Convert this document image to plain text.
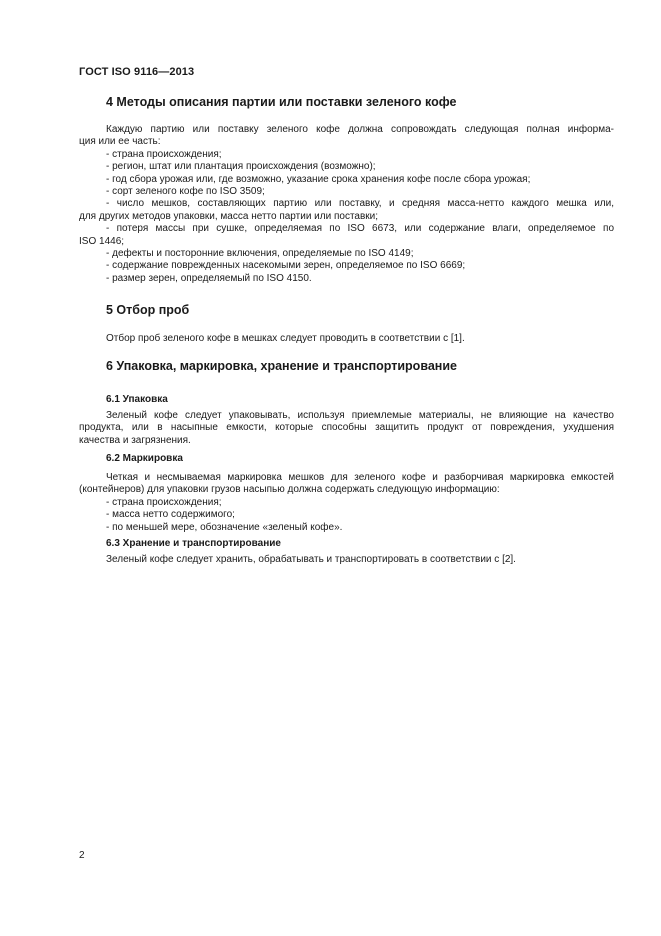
ГОСТ ISO 9116—2013
4 Методы описания партии или поставки зеленого кофе
Каждую партию или поставку зеленого кофе должна сопровождать следующая полная информа-
ция или ее часть:
- страна происхождения;
- регион, штат или плантация происхождения (возможно);
- год сбора урожая или, где возможно, указание срока хранения кофе после сбора урожая;
- сорт зеленого кофе по ISO 3509;
- число мешков, составляющих партию или поставку, и средняя масса-нетто каждого мешка или,
для других методов упаковки, масса нетто партии или поставки;
- потеря массы при сушке, определяемая по ISO 6673, или содержание влаги, определяемое по
ISO 1446;
- дефекты и посторонние включения, определяемые по ISO 4149;
- содержание поврежденных насекомыми зерен, определяемое по ISO 6669;
- размер зерен, определяемый по ISO 4150.
5 Отбор проб
Отбор проб зеленого кофе в мешках следует проводить в соответствии с [1].
6 Упаковка, маркировка, хранение и транспортирование
6.1 Упаковка
Зеленый кофе следует упаковывать, используя приемлемые материалы, не влияющие на качество
продукта, или в насыпные емкости, которые способны защитить продукт от повреждения, ухудшения
качества и загрязнения.
6.2 Маркировка
Четкая и несмываемая маркировка мешков для зеленого кофе и разборчивая маркировка емкостей
(контейнеров) для упаковки грузов насыпью должна содержать следующую информацию:
- страна происхождения;
- масса нетто содержимого;
- по меньшей мере, обозначение «зеленый кофе».
6.3 Хранение и транспортирование
Зеленый кофе следует хранить, обрабатывать и транспортировать в соответствии с [2].
2
